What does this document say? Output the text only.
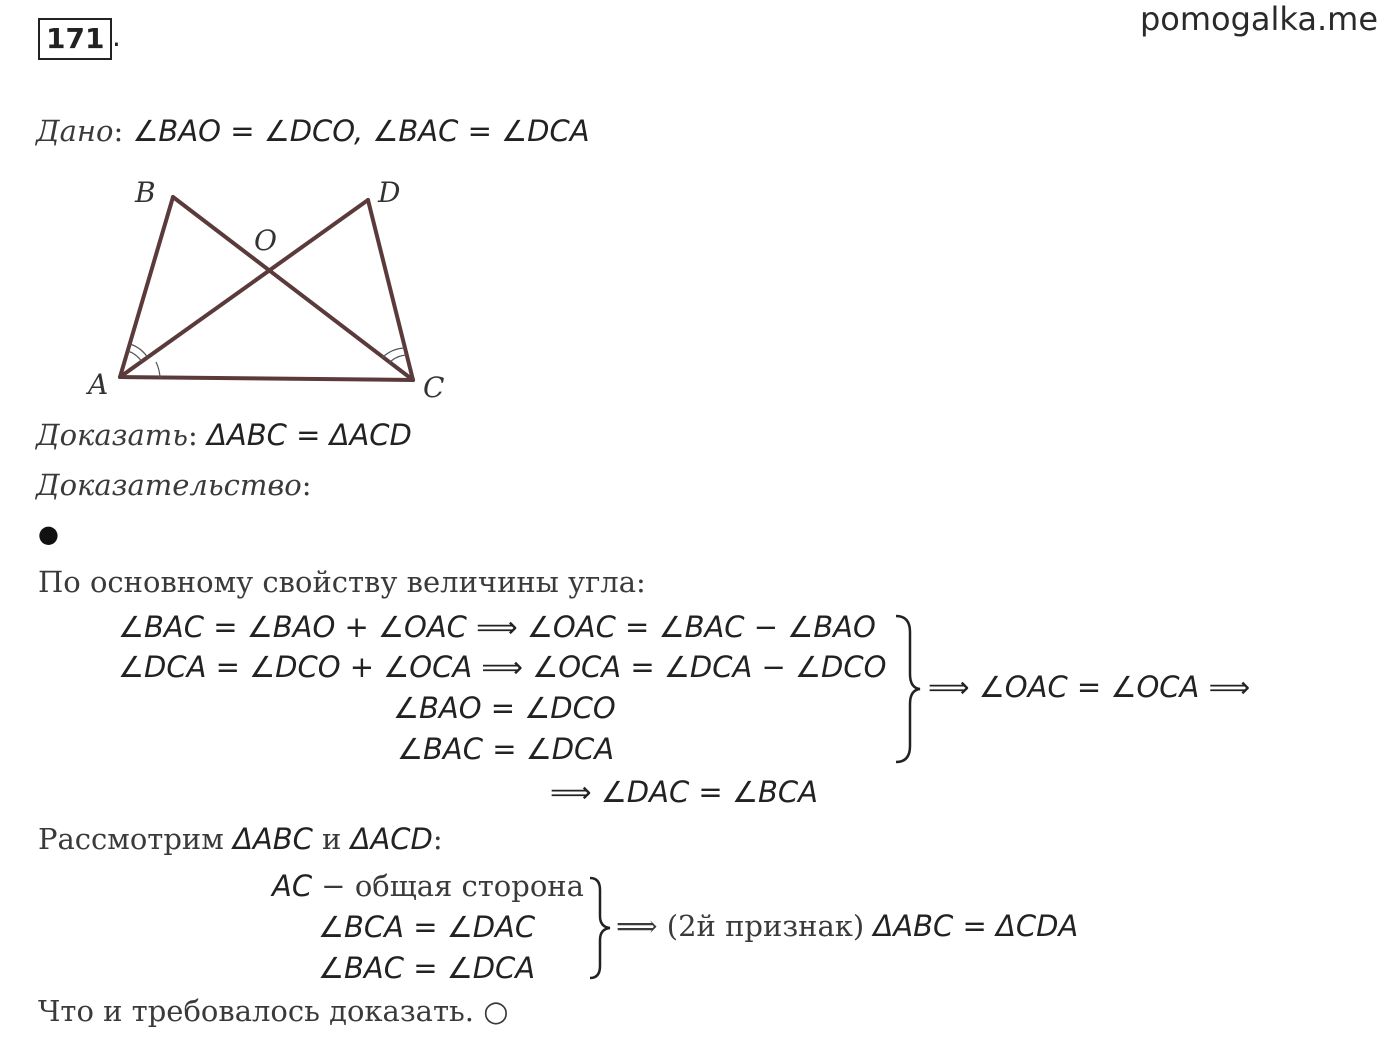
171 .	pomogalka.me
Дано: ∠BAO = ∠DCO, ∠BAC = ∠DCA
A
B
C
D
O
Доказать: ΔABC = ΔACD
Доказательство:
●
По основному свойству величины угла:
∠BAC = ∠BAO + ∠OAC ⟹ ∠OAC = ∠BAC − ∠BAO
∠DCA = ∠DCO + ∠OCA ⟹ ∠OCA = ∠DCA − ∠DCO
∠BAO = ∠DCO
∠BAC = ∠DCA
⟹ ∠OAC = ∠OCA ⟹
⟹ ∠DAC = ∠BCA
Рассмотрим ΔABC и ΔACD:
AC − общая сторона
∠BCA = ∠DAC
∠BAC = ∠DCA
⟹ (2й признак) ΔABC = ΔCDA
Что и требовалось доказать. ○
